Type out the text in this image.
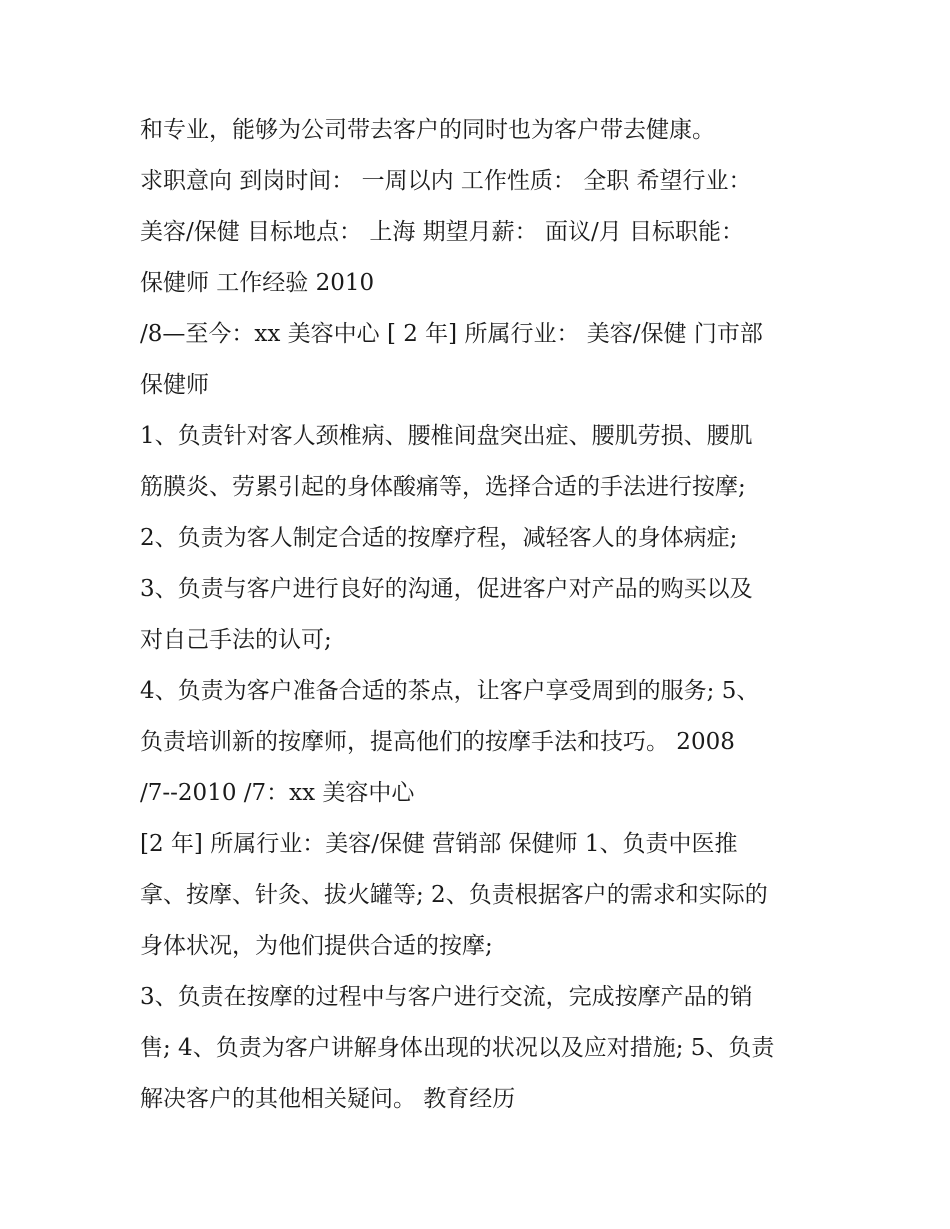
和专业，能够为公司带去客户的同时也为客户带去健康。
求职意向 到岗时间： 一周以内 工作性质： 全职 希望行业：
美容/保健 目标地点： 上海 期望月薪： 面议/月 目标职能：
保健师 工作经验 2010
/8—至今：xx 美容中心 [ 2 年] 所属行业： 美容/保健 门市部
保健师
1、负责针对客人颈椎病、腰椎间盘突出症、腰肌劳损、腰肌
筋膜炎、劳累引起的身体酸痛等，选择合适的手法进行按摩;
2、负责为客人制定合适的按摩疗程，减轻客人的身体病症;
3、负责与客户进行良好的沟通，促进客户对产品的购买以及
对自己手法的认可;
4、负责为客户准备合适的茶点，让客户享受周到的服务; 5、
负责培训新的按摩师，提高他们的按摩手法和技巧。 2008
/7--2010 /7：xx 美容中心
[2 年] 所属行业：美容/保健 营销部 保健师 1、负责中医推
拿、按摩、针灸、拔火罐等; 2、负责根据客户的需求和实际的
身体状况，为他们提供合适的按摩;
3、负责在按摩的过程中与客户进行交流，完成按摩产品的销
售; 4、负责为客户讲解身体出现的状况以及应对措施; 5、负责
解决客户的其他相关疑问。 教育经历
